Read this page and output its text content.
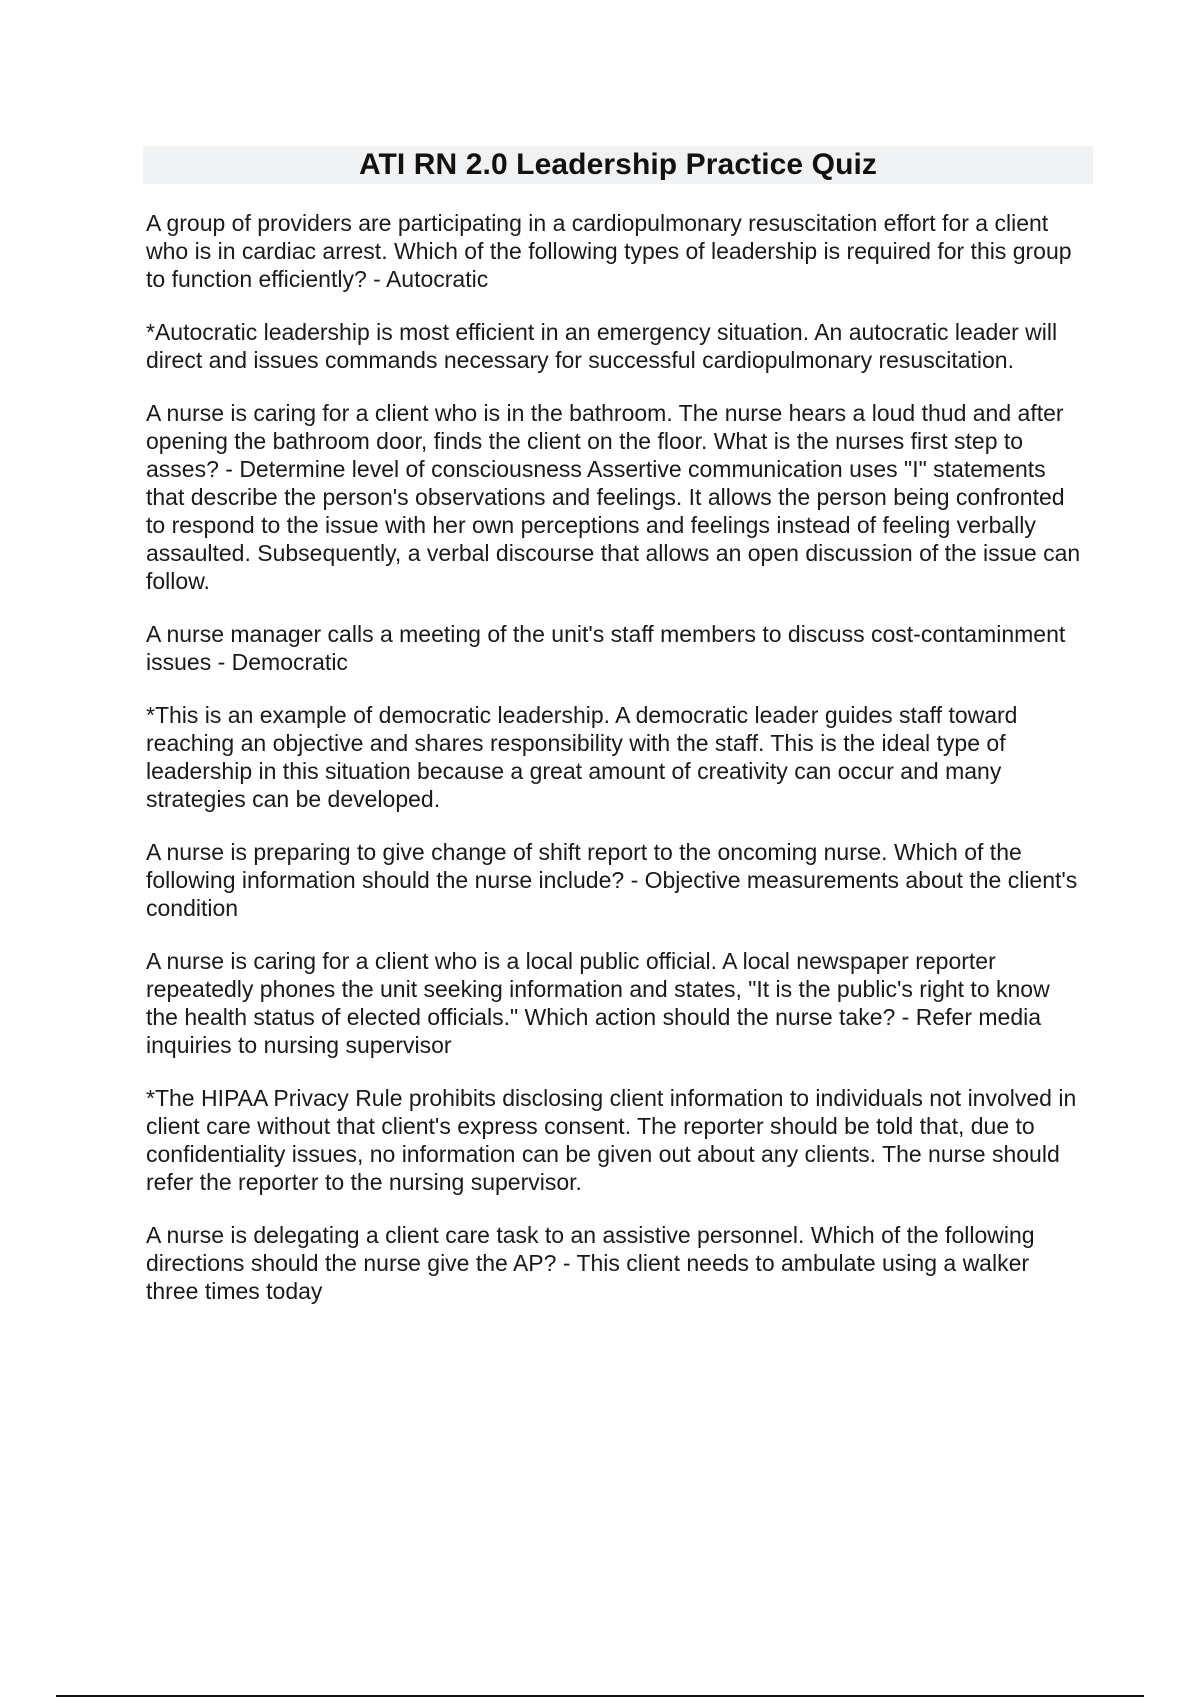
ATI RN 2.0 Leadership Practice Quiz

A group of providers are participating in a cardiopulmonary resuscitation effort for a client who is in cardiac arrest. Which of the following types of leadership is required for this group to function efficiently? - Autocratic

*Autocratic leadership is most efficient in an emergency situation. An autocratic leader will direct and issues commands necessary for successful cardiopulmonary resuscitation.

A nurse is caring for a client who is in the bathroom. The nurse hears a loud thud and after opening the bathroom door, finds the client on the floor. What is the nurses first step to asses? - Determine level of consciousness Assertive communication uses "I" statements that describe the person's observations and feelings. It allows the person being confronted to respond to the issue with her own perceptions and feelings instead of feeling verbally assaulted. Subsequently, a verbal discourse that allows an open discussion of the issue can follow.

A nurse manager calls a meeting of the unit's staff members to discuss cost-contaminment issues - Democratic

*This is an example of democratic leadership. A democratic leader guides staff toward reaching an objective and shares responsibility with the staff. This is the ideal type of leadership in this situation because a great amount of creativity can occur and many strategies can be developed.

A nurse is preparing to give change of shift report to the oncoming nurse. Which of the following information should the nurse include? - Objective measurements about the client's condition

A nurse is caring for a client who is a local public official. A local newspaper reporter repeatedly phones the unit seeking information and states, "It is the public's right to know the health status of elected officials." Which action should the nurse take? - Refer media inquiries to nursing supervisor

*The HIPAA Privacy Rule prohibits disclosing client information to individuals not involved in client care without that client's express consent. The reporter should be told that, due to confidentiality issues, no information can be given out about any clients. The nurse should refer the reporter to the nursing supervisor.

A nurse is delegating a client care task to an assistive personnel. Which of the following directions should the nurse give the AP? - This client needs to ambulate using a walker three times today
